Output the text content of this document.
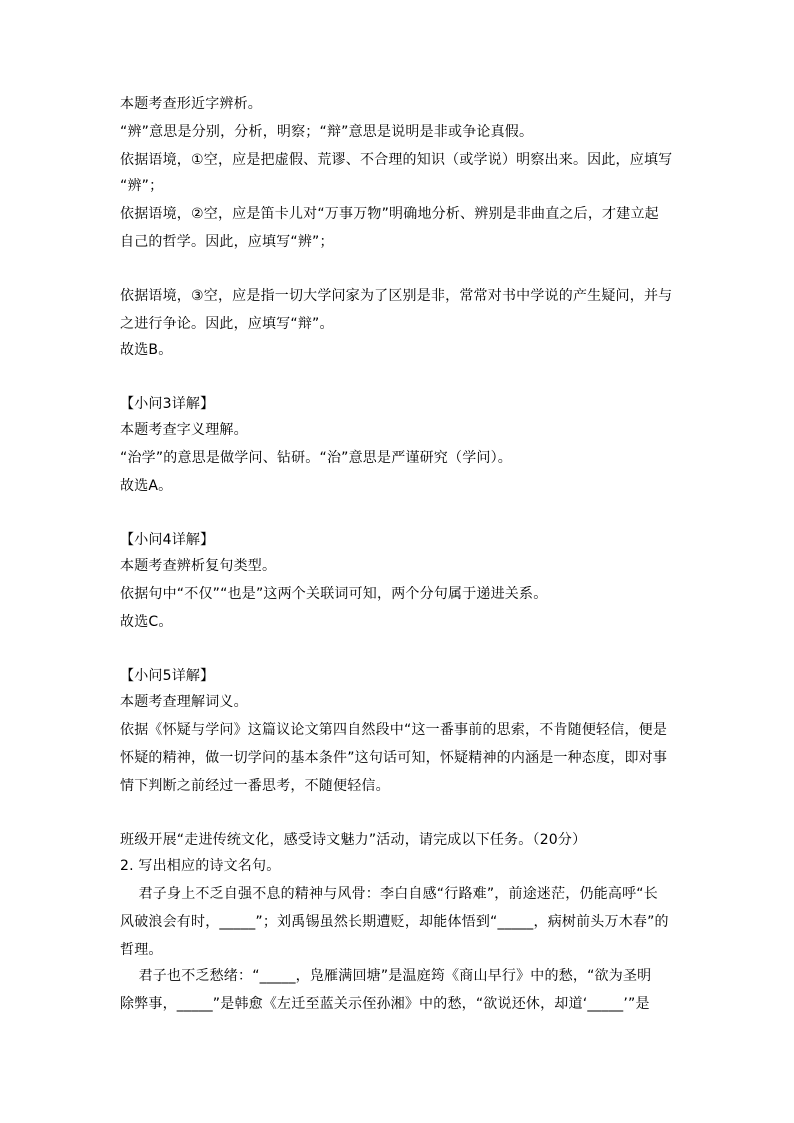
本题考查形近字辨析。
“辨”意思是分别，分析，明察；“辩”意思是说明是非或争论真假。
依据语境，①空，应是把虚假、荒谬、不合理的知识（或学说）明察出来。因此，应填写
“辨”；
依据语境，②空，应是笛卡儿对“万事万物”明确地分析、辨别是非曲直之后，才建立起
自己的哲学。因此，应填写“辨”；
依据语境，③空，应是指一切大学问家为了区别是非，常常对书中学说的产生疑问，并与
之进行争论。因此，应填写“辩”。
故选B。
【小问3详解】
本题考查字义理解。
“治学”的意思是做学问、钻研。“治”意思是严谨研究（学问）。
故选A。
【小问4详解】
本题考查辨析复句类型。
依据句中“不仅”“也是”这两个关联词可知，两个分句属于递进关系。
故选C。
【小问5详解】
本题考查理解词义。
依据《怀疑与学问》这篇议论文第四自然段中“这一番事前的思索，不肯随便轻信，便是
怀疑的精神，做一切学问的基本条件”这句话可知，怀疑精神的内涵是一种态度，即对事
情下判断之前经过一番思考，不随便轻信。
班级开展“走进传统文化，感受诗文魅力”活动，请完成以下任务。（20分）
2. 写出相应的诗文名句。
君子身上不乏自强不息的精神与风骨：李白自感“行路难”，前途迷茫，仍能高呼“长
风破浪会有时，_____”；刘禹锡虽然长期遭贬，却能体悟到“_____，病树前头万木春”的
哲理。
君子也不乏愁绪：“_____，凫雁满回塘”是温庭筠《商山早行》中的愁，“欲为圣明
除弊事，_____”是韩愈《左迁至蓝关示侄孙湘》中的愁，“欲说还休，却道‘_____’”是
